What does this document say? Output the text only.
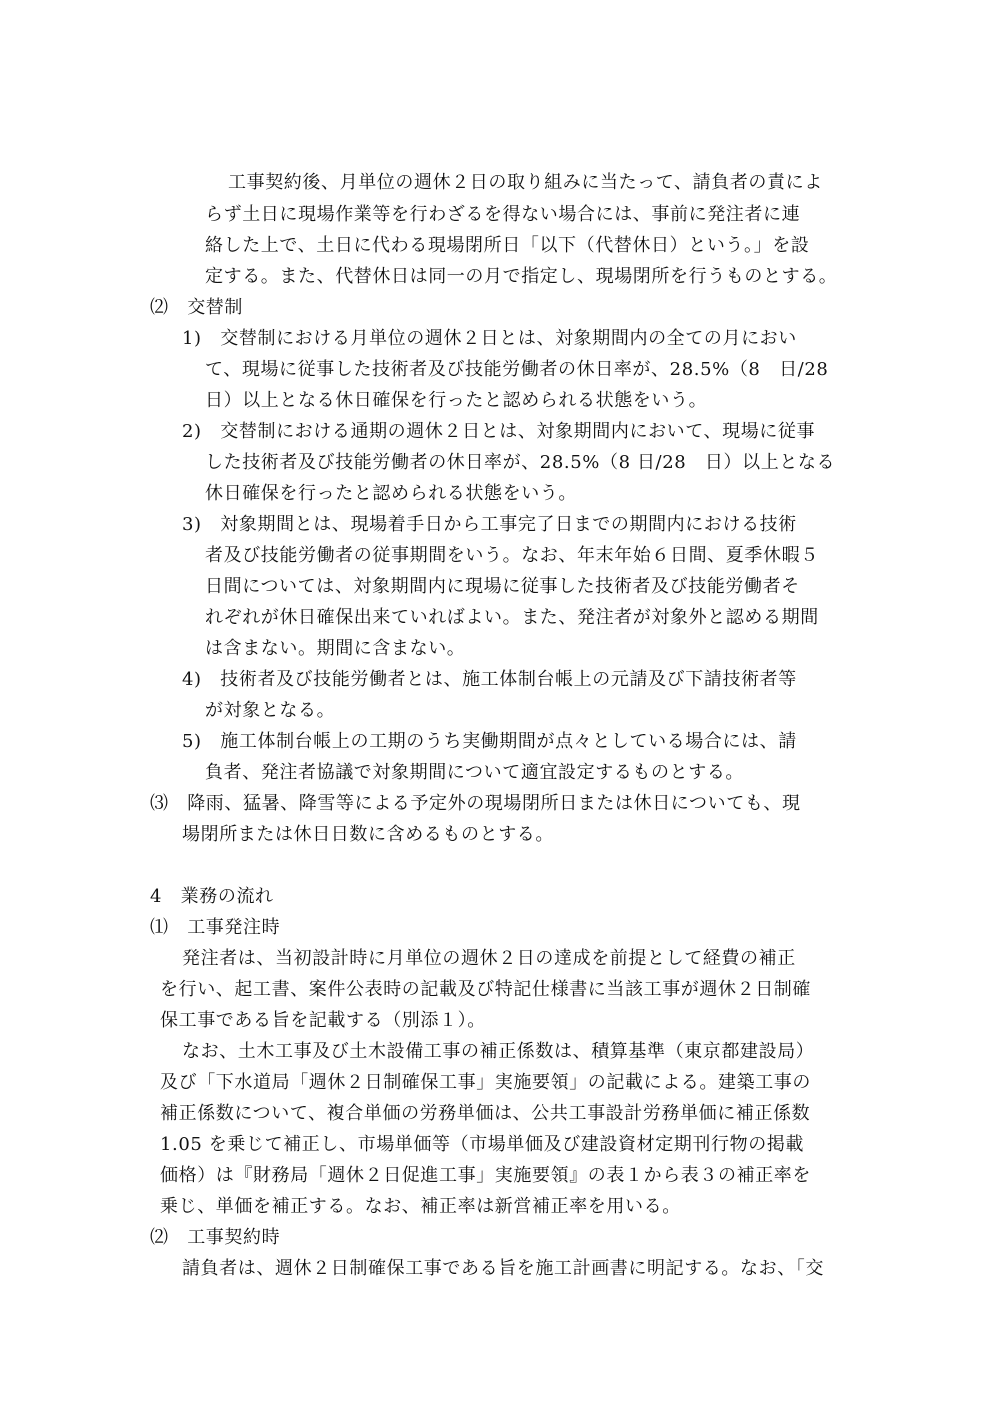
工事契約後、月単位の週休２日の取り組みに当たって、請負者の責によ
らず土日に現場作業等を行わざるを得ない場合には、事前に発注者に連
絡した上で、土日に代わる現場閉所日「以下（代替休日）という。」を設
定する。また、代替休日は同一の月で指定し、現場閉所を行うものとする。
⑵　交替制
1)　交替制における月単位の週休２日とは、対象期間内の全ての月におい
て、現場に従事した技術者及び技能労働者の休日率が、28.5%（8　日/28
日）以上となる休日確保を行ったと認められる状態をいう。
2)　交替制における通期の週休２日とは、対象期間内において、現場に従事
した技術者及び技能労働者の休日率が、28.5%（8 日/28　日）以上となる
休日確保を行ったと認められる状態をいう。
3)　対象期間とは、現場着手日から工事完了日までの期間内における技術
者及び技能労働者の従事期間をいう。なお、年末年始６日間、夏季休暇５
日間については、対象期間内に現場に従事した技術者及び技能労働者そ
れぞれが休日確保出来ていればよい。また、発注者が対象外と認める期間
は含まない。期間に含まない。
4)　技術者及び技能労働者とは、施工体制台帳上の元請及び下請技術者等
が対象となる。
5)　施工体制台帳上の工期のうち実働期間が点々としている場合には、請
負者、発注者協議で対象期間について適宜設定するものとする。
⑶　降雨、猛暑、降雪等による予定外の現場閉所日または休日についても、現
場閉所または休日日数に含めるものとする。
4　業務の流れ
⑴　工事発注時
発注者は、当初設計時に月単位の週休２日の達成を前提として経費の補正
を行い、起工書、案件公表時の記載及び特記仕様書に当該工事が週休２日制確
保工事である旨を記載する（別添１）。
なお、土木工事及び土木設備工事の補正係数は、積算基準（東京都建設局）
及び「下水道局「週休２日制確保工事」実施要領」の記載による。建築工事の
補正係数について、複合単価の労務単価は、公共工事設計労務単価に補正係数
1.05 を乗じて補正し、市場単価等（市場単価及び建設資材定期刊行物の掲載
価格）は『財務局「週休２日促進工事」実施要領』の表１から表３の補正率を
乗じ、単価を補正する。なお、補正率は新営補正率を用いる。
⑵　工事契約時
請負者は、週休２日制確保工事である旨を施工計画書に明記する。なお、「交
